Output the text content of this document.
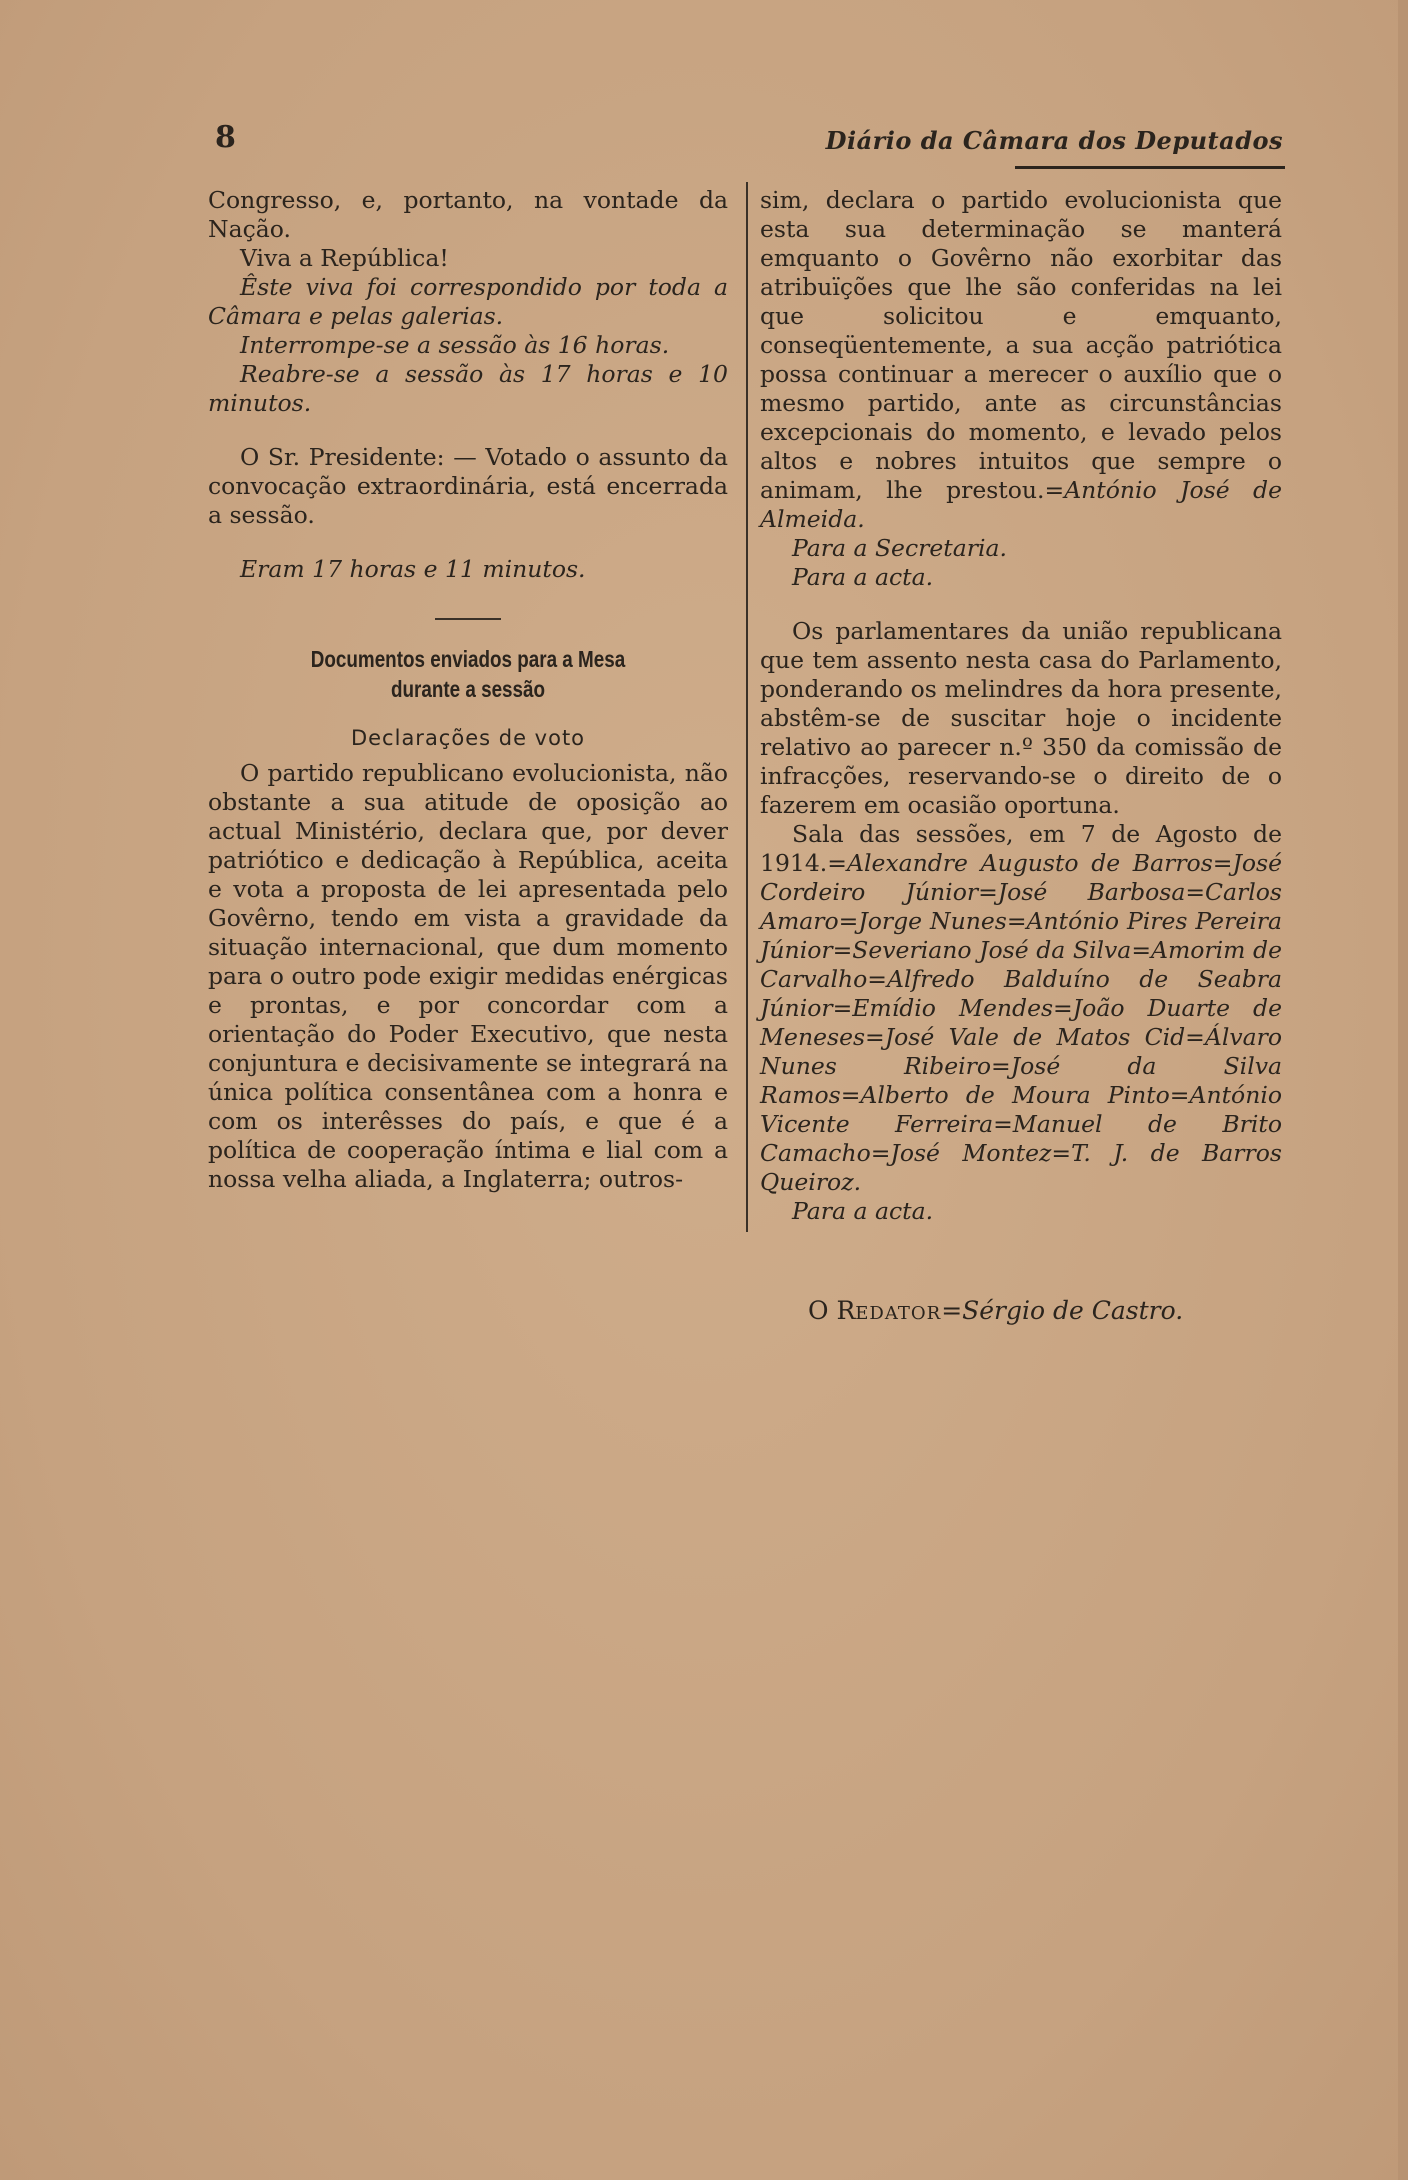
8	Diário da Câmara dos Deputados

Congresso, e, portanto, na vontade da Nação.

Viva a República!

Êste viva foi correspondido por toda a Câmara e pelas galerias.

Interrompe-se a sessão às 16 horas.

Reabre-se a sessão às 17 horas e 10 minutos.

O Sr. Presidente: — Votado o assunto da convocação extraordinária, está encerrada a sessão.

Eram 17 horas e 11 minutos.

Documentos enviados para a Mesa
durante a sessão
Declarações de voto

O partido republicano evolucionista, não obstante a sua atitude de oposição ao actual Ministério, declara que, por dever patriótico e dedicação à República, aceita e vota a proposta de lei apresentada pelo Govêrno, tendo em vista a gravidade da situação internacional, que dum momento para o outro pode exigir medidas enérgicas e prontas, e por concordar com a orientação do Poder Executivo, que nesta conjuntura e decisivamente se integrará na única política consentânea com a honra e com os interêsses do país, e que é a política de cooperação íntima e lial com a nossa velha aliada, a Inglaterra; outros-

sim, declara o partido evolucionista que esta sua determinação se manterá emquanto o Govêrno não exorbitar das atribuïções que lhe são conferidas na lei que solicitou e emquanto, conseqüentemente, a sua acção patriótica possa continuar a merecer o auxílio que o mesmo partido, ante as circunstâncias excepcionais do momento, e levado pelos altos e nobres intuitos que sempre o animam, lhe prestou.=António José de Almeida.

Para a Secretaria.

Para a acta.

Os parlamentares da união republicana que tem assento nesta casa do Parlamento, ponderando os melindres da hora presente, abstêm-se de suscitar hoje o incidente relativo ao parecer n.º 350 da comissão de infracções, reservando-se o direito de o fazerem em ocasião oportuna.

Sala das sessões, em 7 de Agosto de 1914.=Alexandre Augusto de Barros=José Cordeiro Júnior=José Barbosa=Carlos Amaro=Jorge Nunes=António Pires Pereira Júnior=Severiano José da Silva=Amorim de Carvalho=Alfredo Balduíno de Seabra Júnior=Emídio Mendes=João Duarte de Meneses=José Vale de Matos Cid=Álvaro Nunes Ribeiro=José da Silva Ramos=Alberto de Moura Pinto=António Vicente Ferreira=Manuel de Brito Camacho=José Montez=T. J. de Barros Queiroz.

Para a acta.

O REDATOR=Sérgio de Castro.
